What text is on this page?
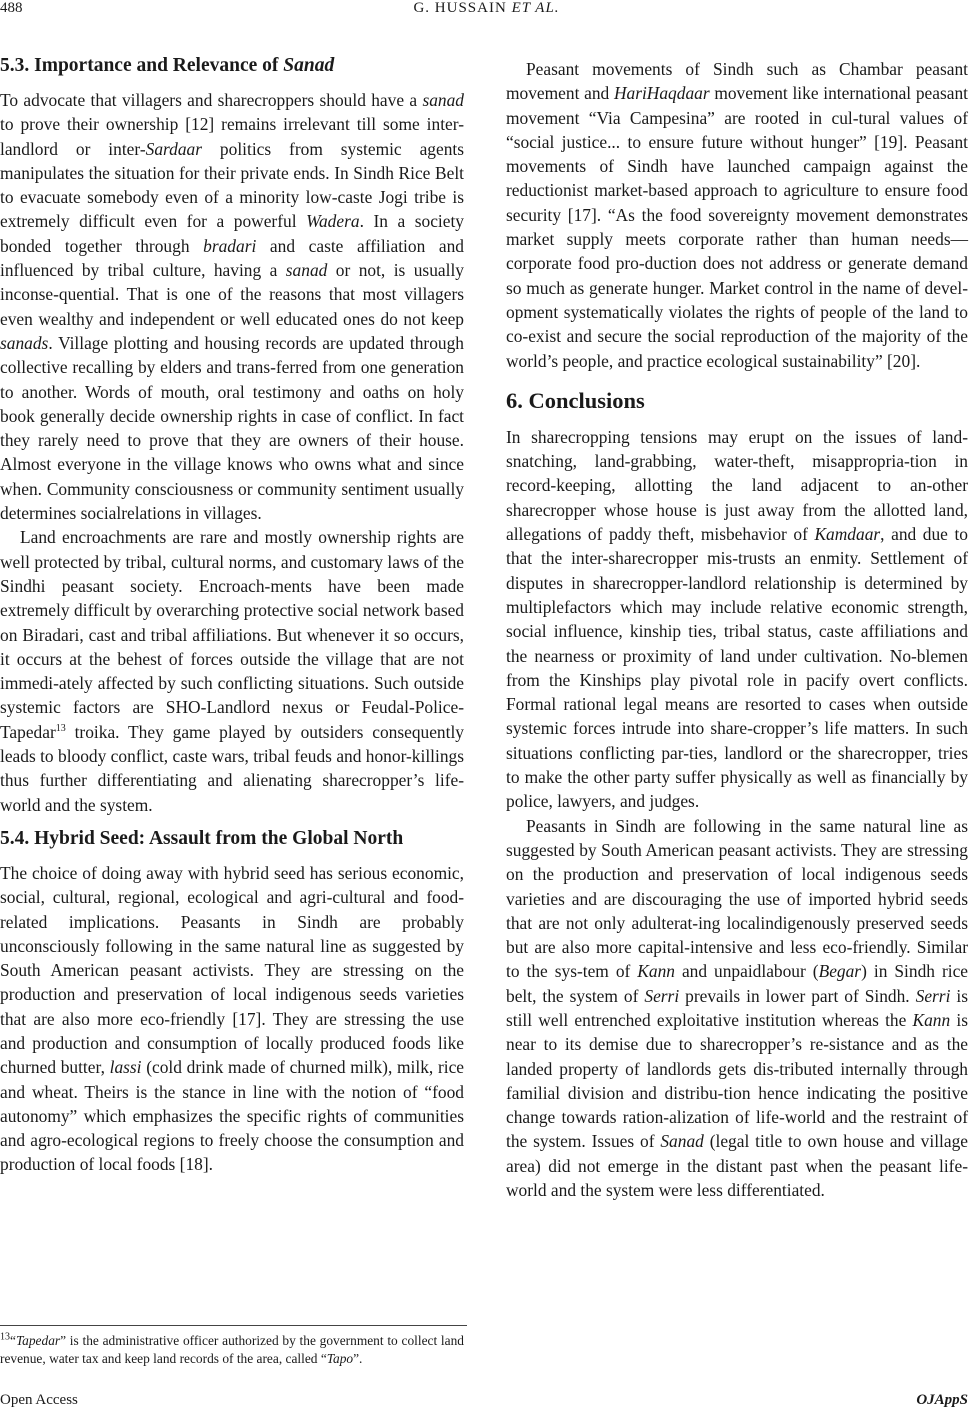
488	G. HUSSAIN ET AL.
5.3. Importance and Relevance of Sanad

To advocate that villagers and sharecroppers should have a sanad to prove their ownership [12] remains irrelevant till some inter-landlord or inter-Sardaar politics from systemic agents manipulates the situation for their private ends. In Sindh Rice Belt to evacuate somebody even of a minority low-caste Jogi tribe is extremely difficult even for a powerful Wadera. In a society bonded together through bradari and caste affiliation and influenced by tribal culture, having a sanad or not, is usually inconse-quential. That is one of the reasons that most villagers even wealthy and independent or well educated ones do not keep sanads. Village plotting and housing records are updated through collective recalling by elders and trans-ferred from one generation to another. Words of mouth, oral testimony and oaths on holy book generally decide ownership rights in case of conflict. In fact they rarely need to prove that they are owners of their house. Almost everyone in the village knows who owns what and since when. Community consciousness or community sentiment usually determines socialrelations in villages.

Land encroachments are rare and mostly ownership rights are well protected by tribal, cultural norms, and customary laws of the Sindhi peasant society. Encroach-ments have been made extremely difficult by overarching protective social network based on Biradari, cast and tribal affiliations. But whenever it so occurs, it occurs at the behest of forces outside the village that are not immedi-ately affected by such conflicting situations. Such outside systemic factors are SHO-Landlord nexus or Feudal-Police-Tapedar$^{13}$ troika. They game played by outsiders consequently leads to bloody conflict, caste wars, tribal feuds and honor-killings thus further differentiating and alienating sharecropper’s life-world and the system.

5.4. Hybrid Seed: Assault from the Global North

The choice of doing away with hybrid seed has serious economic, social, cultural, regional, ecological and agri-cultural and food-related implications. Peasants in Sindh are probably unconsciously following in the same natural line as suggested by South American peasant activists. They are stressing on the production and preservation of local indigenous seeds varieties that are also more eco-friendly [17]. They are stressing the use and production and consumption of locally produced foods like churned butter, lassi (cold drink made of churned milk), milk, rice and wheat. Theirs is the stance in line with the notion of “food autonomy” which emphasizes the specific rights of communities and agro-ecological regions to freely choose the consumption and production of local foods [18].

$^{13}$“Tapedar” is the administrative officer authorized by the government to collect land revenue, water tax and keep land records of the area, called “Tapo”.

Peasant movements of Sindh such as Chambar peasant movement and HariHaqdaar movement like international peasant movement “Via Campesina” are rooted in cul-tural values of “social justice... to ensure future without hunger” [19]. Peasant movements of Sindh have launched campaign against the reductionist market-based approach to agriculture to ensure food security [17]. “As the food sovereignty movement demonstrates market supply meets corporate rather than human needs—corporate food pro-duction does not address or generate demand so much as generate hunger. Market control in the name of devel-opment systematically violates the rights of people of the land to co-exist and secure the social reproduction of the majority of the world’s people, and practice ecological sustainability” [20].

6. Conclusions

In sharecropping tensions may erupt on the issues of land-snatching, land-grabbing, water-theft, misappropria-tion in record-keeping, allotting the land adjacent to an-other sharecropper whose house is just away from the allotted land, allegations of paddy theft, misbehavior of Kamdaar, and due to that the inter-sharecropper mis-trusts an enmity. Settlement of disputes in sharecropper-landlord relationship is determined by multiplefactors which may include relative economic strength, social influence, kinship ties, tribal status, caste affiliations and the nearness or proximity of land under cultivation. No-blemen from the Kinships play pivotal role in pacify overt conflicts. Formal rational legal means are resorted to cases when outside systemic forces intrude into share-cropper’s life matters. In such situations conflicting par-ties, landlord or the sharecropper, tries to make the other party suffer physically as well as financially by police, lawyers, and judges.

Peasants in Sindh are following in the same natural line as suggested by South American peasant activists. They are stressing on the production and preservation of local indigenous seeds varieties and are discouraging the use of imported hybrid seeds that are not only adulterat-ing localindigenously preserved seeds but are also more capital-intensive and less eco-friendly. Similar to the sys-tem of Kann and unpaidlabour (Begar) in Sindh rice belt, the system of Serri prevails in lower part of Sindh. Serri is still well entrenched exploitative institution whereas the Kann is near to its demise due to sharecropper’s re-sistance and as the landed property of landlords gets dis-tributed internally through familial division and distribu-tion hence indicating the positive change towards ration-alization of life-world and the restraint of the system. Issues of Sanad (legal title to own house and village area) did not emerge in the distant past when the peasant life-world and the system were less differentiated.

Open Access	OJAppS
